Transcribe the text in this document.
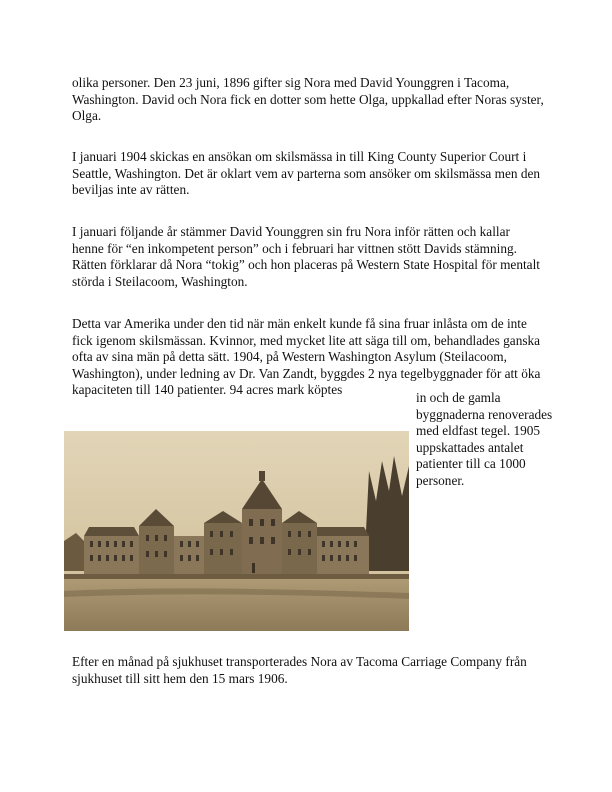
olika personer. Den 23 juni, 1896 gifter sig Nora med David Younggren i Tacoma, Washington. David och Nora fick en dotter som hette Olga, uppkallad efter Noras syster, Olga.

I januari 1904 skickas en ansökan om skilsmässa in till King County Superior Court i Seattle, Washington. Det är oklart vem av parterna som ansöker om skilsmässa men den beviljas inte av rätten.

I januari följande år stämmer David Younggren sin fru Nora inför rätten och kallar henne för “en inkompetent person” och i februari har vittnen stött Davids stämning. Rätten förklarar då Nora “tokig” och hon placeras på Western State Hospital för mentalt störda i Steilacoom, Washington.

Detta var Amerika under den tid när män enkelt kunde få sina fruar inlåsta om de inte fick igenom skilsmässan. Kvinnor, med mycket lite att säga till om, behandlades ganska ofta av sina män på detta sätt. 1904, på Western Washington Asylum (Steilacoom, Washington), under ledning av Dr. Van Zandt, byggdes 2 nya tegelbyggnader för att öka kapaciteten till 140 patienter. 94 acres mark köptes

in och de gamla byggnaderna renoverades med eldfast tegel. 1905 uppskattades antalet patienter till ca 1000 personer.

Efter en månad på sjukhuset transporterades Nora av Tacoma Carriage Company från sjukhuset till sitt hem den 15 mars 1906.
